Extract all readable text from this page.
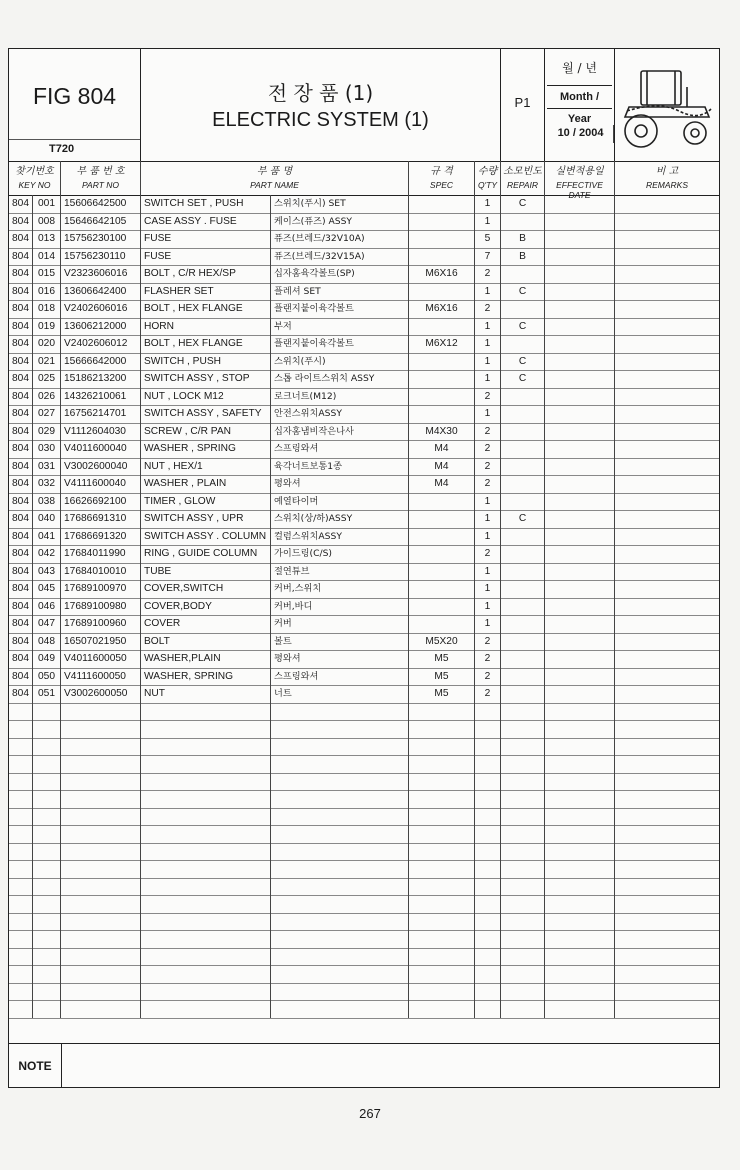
FIG 804
T720
전 장 품 (1)
ELECTRIC SYSTEM (1)
P1
월 / 년
Month / Year
10 / 2004
찾기번호
KEY NO
부 품 번 호
PART NO
부 품 명
PART NAME
규 격
SPEC
수량
Q'TY
소모빈도
REPAIR
실변적용일
EFFECTIVE DATE
비 고
REMARKS
804 001 15606642500	SWITCH SET , PUSH	스위치(푸시) SET	1	C
804 008 15646642105	CASE ASSY . FUSE	케이스(퓨즈) ASSY	1
804 013 15756230100	FUSE	퓨즈(브레드/32V10A)	5	B
804 014 15756230110	FUSE	퓨즈(브레드/32V15A)	7	B
804 015 V2323606016	BOLT , C/R HEX/SP	십자홈육각볼트(SP)	M6X16	2
804 016 13606642400	FLASHER SET	플레셔 SET	1	C
804 018 V2402606016	BOLT , HEX FLANGE	플랜지붙이육각볼트	M6X16	2
804 019 13606212000	HORN	부저	1	C
804 020 V2402606012	BOLT , HEX FLANGE	플랜지붙이육각볼트	M6X12	1
804 021 15666642000	SWITCH , PUSH	스위치(푸시)	1	C
804 025 15186213200	SWITCH ASSY , STOP	스톱 라이트스위치 ASSY	1	C
804 026 14326210061	NUT , LOCK M12	로크너트(M12)	2
804 027 16756214701	SWITCH ASSY , SAFETY	안전스위치ASSY	1
804 029 V1112604030	SCREW , C/R PAN	십자홈냄비작은나사	M4X30	2
804 030 V4011600040	WASHER , SPRING	스프링와셔	M4	2
804 031 V3002600040	NUT , HEX/1	육각너트보통1종	M4	2
804 032 V4111600040	WASHER , PLAIN	평와셔	M4	2
804 038 16626692100	TIMER , GLOW	예열타이머	1
804 040 17686691310	SWITCH ASSY , UPR	스위치(상/하)ASSY	1	C
804 041 17686691320	SWITCH ASSY . COLUMN 컬럼스위치ASSY	1
804 042 17684011990	RING , GUIDE COLUMN	가이드링(C/S)	2
804 043 17684010010	TUBE	절연튜브	1
804 045 17689100970	COVER,SWITCH	커버,스위치	1
804 046 17689100980	COVER,BODY	커버,바디	1
804 047 17689100960	COVER	커버	1
804 048 16507021950	BOLT	볼트	M5X20	2
804 049 V4011600050	WASHER,PLAIN	평와셔	M5	2
804 050 V4111600050	WASHER, SPRING	스프링와셔	M5	2
804 051 V3002600050	NUT	너트	M5	2
NOTE
267
